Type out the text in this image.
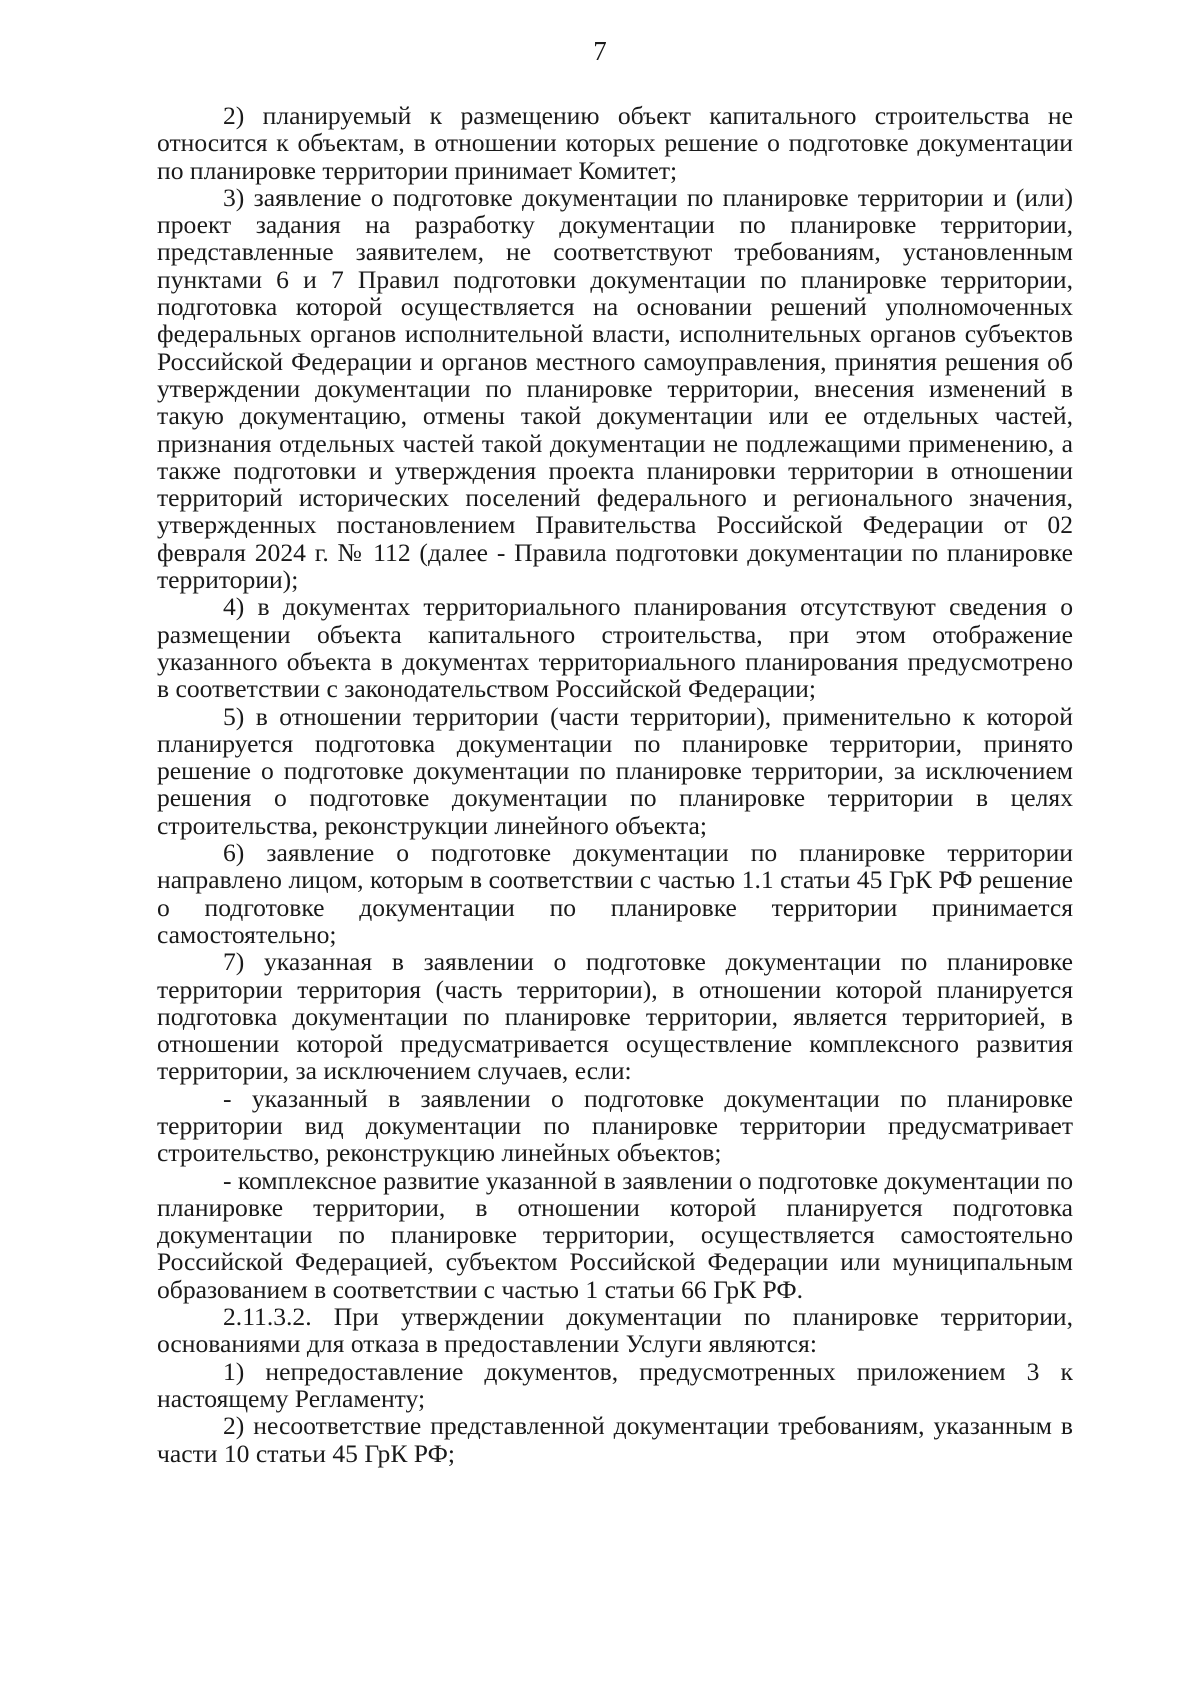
7

2) планируемый к размещению объект капитального строительства не относится к объектам, в отношении которых решение о подготовке документации по планировке территории принимает Комитет;

3) заявление о подготовке документации по планировке территории и (или) проект задания на разработку документации по планировке территории, представленные заявителем, не соответствуют требованиям, установленным пунктами 6 и 7 Правил подготовки документации по планировке территории, подготовка которой осуществляется на основании решений уполномоченных федеральных органов исполнительной власти, исполнительных органов субъектов Российской Федерации и органов местного самоуправления, принятия решения об утверждении документации по планировке территории, внесения изменений в такую документацию, отмены такой документации или ее отдельных частей, признания отдельных частей такой документации не подлежащими применению, а также подготовки и утверждения проекта планировки территории в отношении территорий исторических поселений федерального и регионального значения, утвержденных постановлением Правительства Российской Федерации от 02 февраля 2024 г. № 112 (далее - Правила подготовки документации по планировке территории);

4) в документах территориального планирования отсутствуют сведения о размещении объекта капитального строительства, при этом отображение указанного объекта в документах территориального планирования предусмотрено в соответствии с законодательством Российской Федерации;

5) в отношении территории (части территории), применительно к которой планируется подготовка документации по планировке территории, принято решение о подготовке документации по планировке территории, за исключением решения о подготовке документации по планировке территории в целях строительства, реконструкции линейного объекта;

6) заявление о подготовке документации по планировке территории направлено лицом, которым в соответствии с частью 1.1 статьи 45 ГрК РФ решение о подготовке документации по планировке территории принимается самостоятельно;

7) указанная в заявлении о подготовке документации по планировке территории территория (часть территории), в отношении которой планируется подготовка документации по планировке территории, является территорией, в отношении которой предусматривается осуществление комплексного развития территории, за исключением случаев, если:

- указанный в заявлении о подготовке документации по планировке территории вид документации по планировке территории предусматривает строительство, реконструкцию линейных объектов;

- комплексное развитие указанной в заявлении о подготовке документации по планировке территории, в отношении которой планируется подготовка документации по планировке территории, осуществляется самостоятельно Российской Федерацией, субъектом Российской Федерации или муниципальным образованием в соответствии с частью 1 статьи 66 ГрК РФ.

2.11.3.2. При утверждении документации по планировке территории, основаниями для отказа в предоставлении Услуги являются:

1) непредоставление документов, предусмотренных приложением 3 к настоящему Регламенту;

2) несоответствие представленной документации требованиям, указанным в части 10 статьи 45 ГрК РФ;
